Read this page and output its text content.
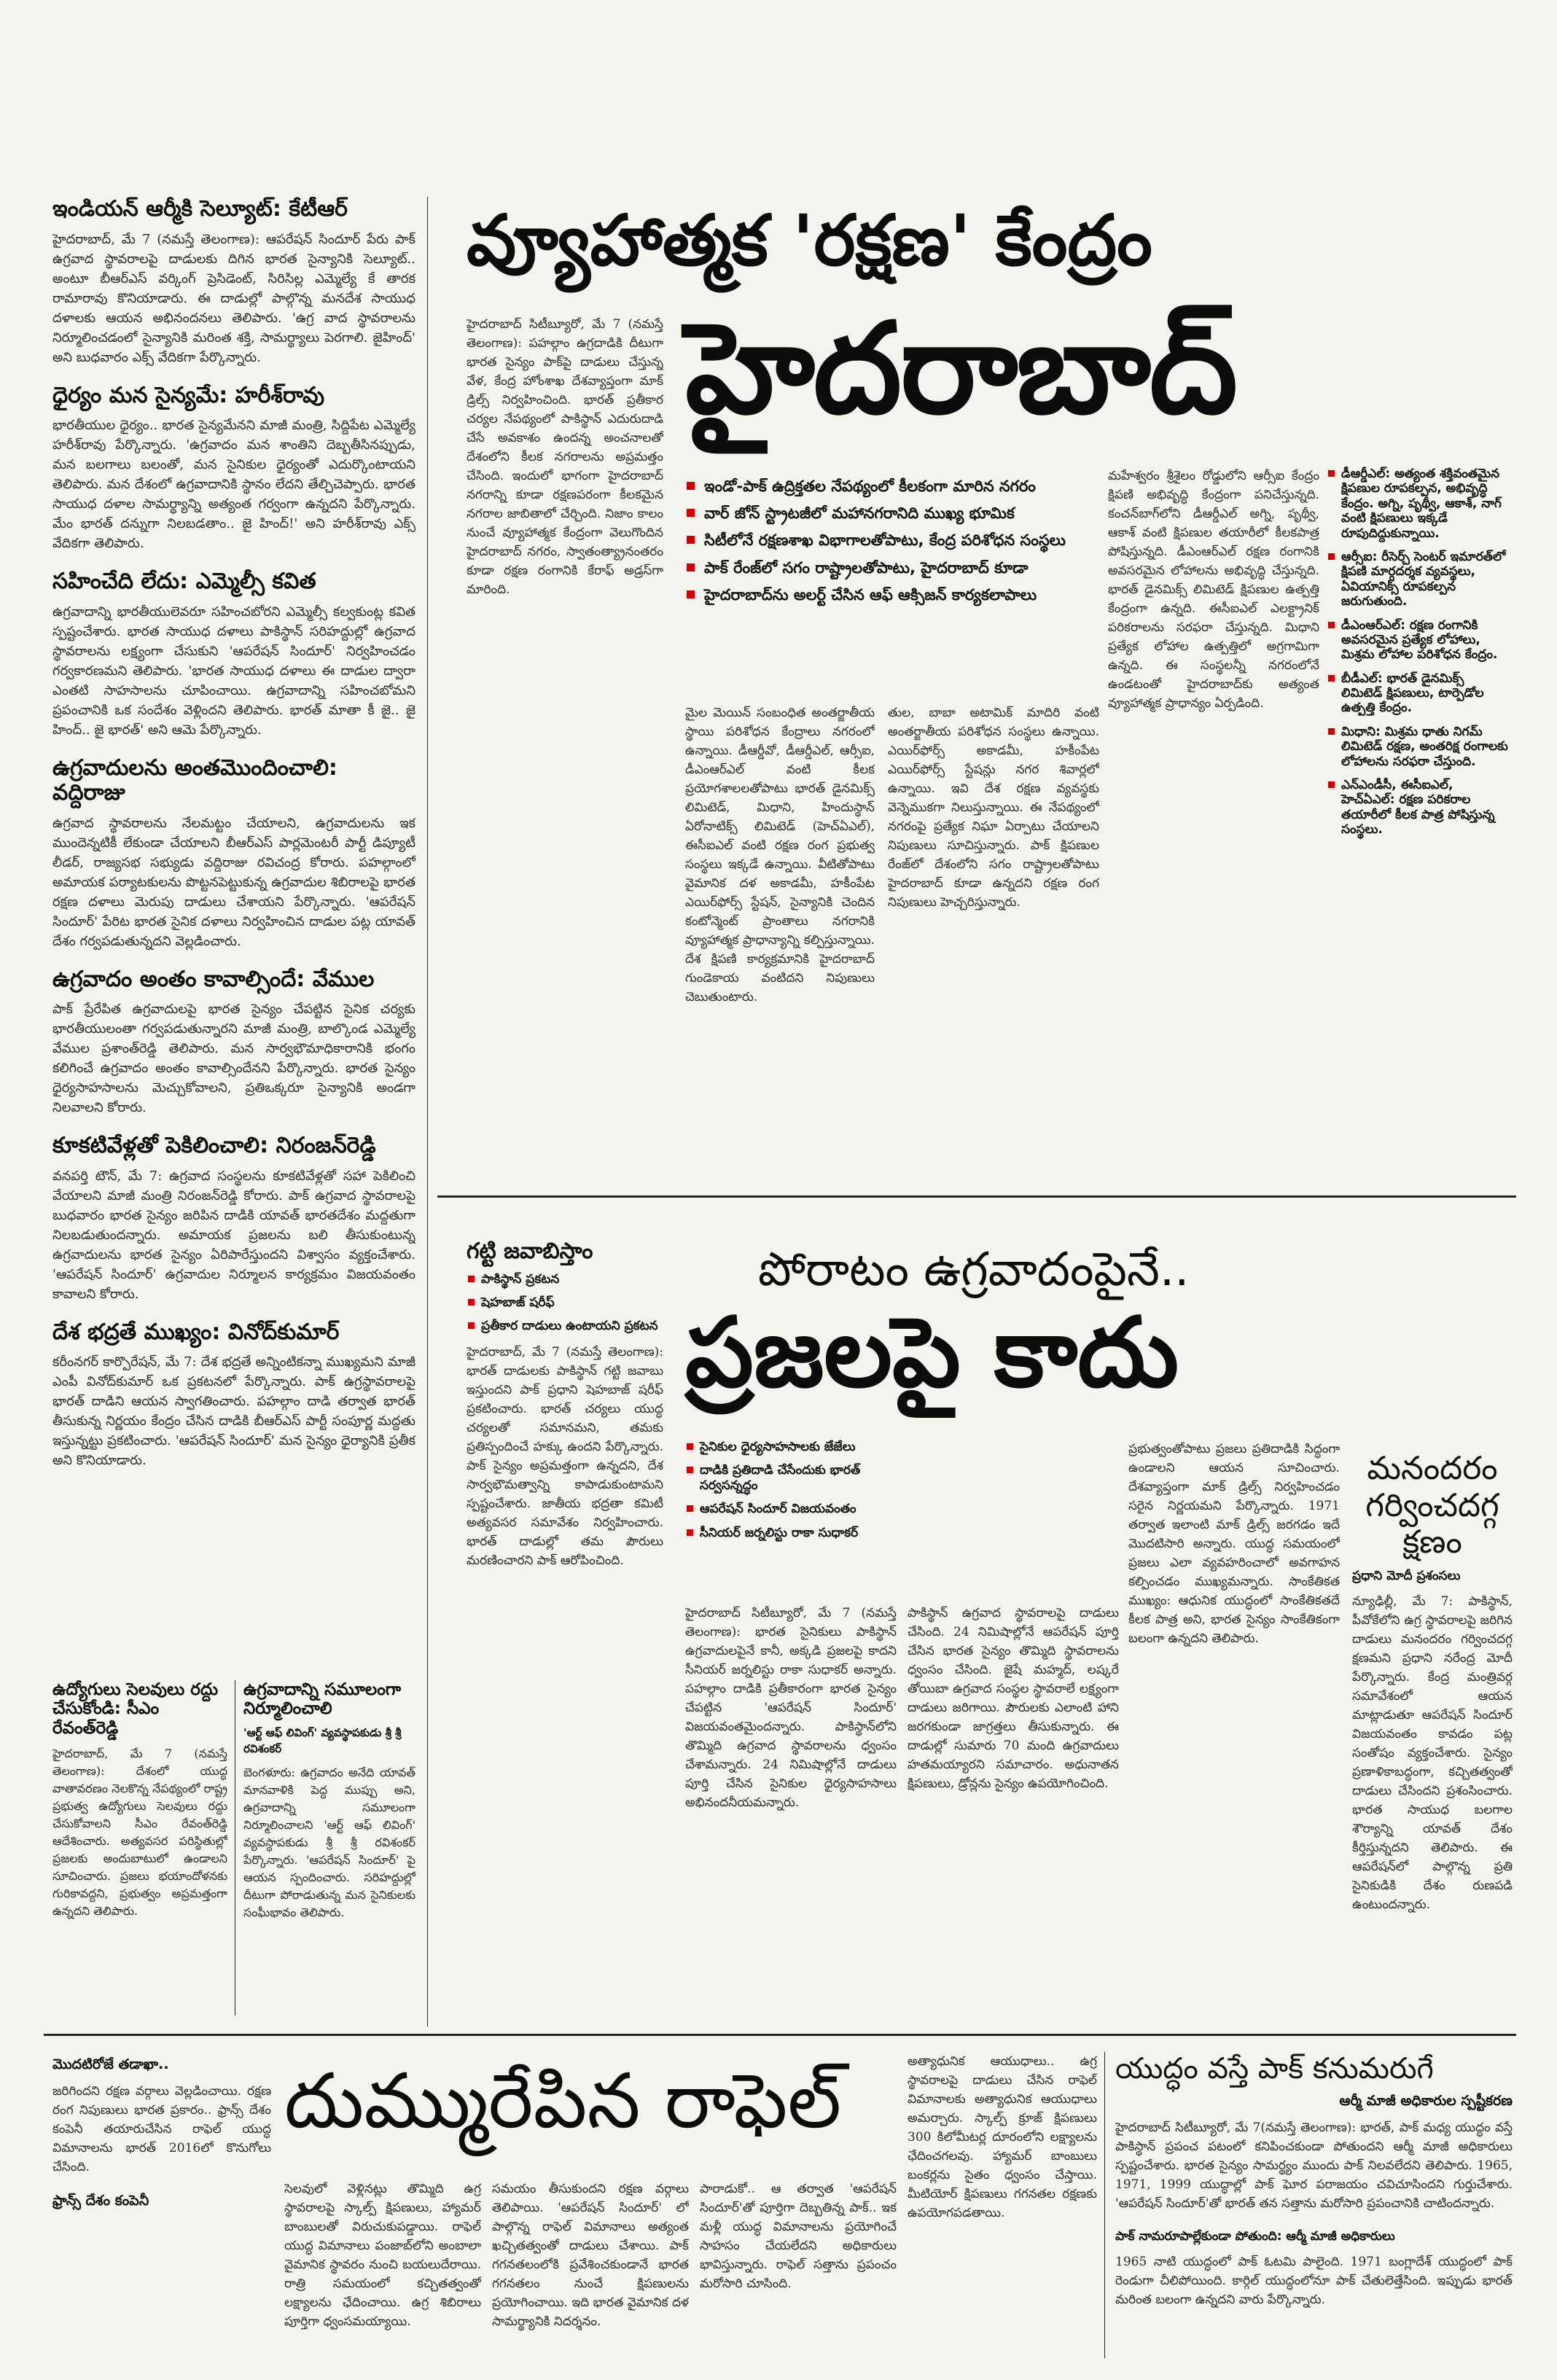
ఇండియన్ ఆర్మీకి సెల్యూట్: కేటీఆర్

హైదరాబాద్, మే 7 (నమస్తే తెలంగాణ): ఆపరేషన్ సిందూర్ పేరు పాక్ ఉగ్రవాద స్థావరాలపై దాడులకు దిగిన భారత సైన్యానికి సెల్యూట్.. అంటూ బీఆర్ఎస్ వర్కింగ్ ప్రెసిడెంట్, సిరిసిల్ల ఎమ్మెల్యే కే తారక రామారావు కొనియాడారు. ఈ దాడుల్లో పాల్గొన్న మనదేశ సాయుధ దళాలకు ఆయన అభినందనలు తెలిపారు. 'ఉగ్ర వాద స్థావరాలను నిర్మూలించడంలో సైన్యానికి మరింత శక్తి, సామర్థ్యాలు పెరగాలి. జైహింద్' అని బుధవారం ఎక్స్ వేదికగా పేర్కొన్నారు.

ధైర్యం మన సైన్యమే: హరీశ్‌రావు

భారతీయుల ధైర్యం.. భారత సైన్యమేనని మాజీ మంత్రి, సిద్దిపేట ఎమ్మెల్యే హరీశ్‌రావు పేర్కొన్నారు. 'ఉగ్రవాదం మన శాంతిని దెబ్బతీసినప్పుడు, మన బలగాలు బలంతో, మన సైనికుల ధైర్యంతో ఎదుర్కొంటాయని తెలిపారు. మన దేశంలో ఉగ్రవాదానికి స్థానం లేదని తేల్చిచెప్పారు. భారత సాయుధ దళాల సామర్థ్యాన్ని అత్యంత గర్వంగా ఉన్నదని పేర్కొన్నారు. మేం భారత్ దన్నుగా నిలబడతాం.. జై హింద్!' అని హరీశ్‌రావు ఎక్స్ వేదికగా తెలిపారు.

సహించేది లేదు: ఎమ్మెల్సీ కవిత

ఉగ్రవాదాన్ని భారతీయులెవరూ సహించబోరని ఎమ్మెల్సీ కల్వకుంట్ల కవిత స్పష్టంచేశారు. భారత సాయుధ దళాలు పాకిస్థాన్ సరిహద్దుల్లో ఉగ్రవాద స్థావరాలను లక్ష్యంగా చేసుకుని 'ఆపరేషన్ సిందూర్' నిర్వహించడం గర్వకారణమని తెలిపారు. 'భారత సాయుధ దళాలు ఈ దాడుల ద్వారా ఎంతటి సాహసాలను చూపించాయి. ఉగ్రవాదాన్ని సహించబోమని ప్రపంచానికి ఒక సందేశం వెళ్లిందని తెలిపారు. భారత్ మాతా కీ జై.. జై హింద్.. జై భారత్' అని ఆమె పేర్కొన్నారు.

ఉగ్రవాదులను అంతమొందించాలి: వద్దిరాజు

ఉగ్రవాద స్థావరాలను నేలమట్టం చేయాలని, ఉగ్రవాదులను ఇక ముందెన్నటికీ లేకుండా చేయాలని బీఆర్ఎస్ పార్లమెంటరీ పార్టీ డిప్యూటీ లీడర్, రాజ్యసభ సభ్యుడు వద్దిరాజు రవిచంద్ర కోరారు. పహల్గాంలో అమాయక పర్యాటకులను పొట్టనపెట్టుకున్న ఉగ్రవాదుల శిబిరాలపై భారత రక్షణ దళాలు మెరుపు దాడులు చేశాయని పేర్కొన్నారు. 'ఆపరేషన్ సిందూర్' పేరిట భారత సైనిక దళాలు నిర్వహించిన దాడుల పట్ల యావత్ దేశం గర్వపడుతున్నదని వెల్లడించారు.

ఉగ్రవాదం అంతం కావాల్సిందే: వేముల

పాక్ ప్రేరేపిత ఉగ్రవాదులపై భారత సైన్యం చేపట్టిన సైనిక చర్యకు భారతీయులంతా గర్వపడుతున్నారని మాజీ మంత్రి, బాల్కొండ ఎమ్మెల్యే వేముల ప్రశాంత్‌రెడ్డి తెలిపారు. మన సార్వభౌమాధికారానికి భంగం కలిగించే ఉగ్రవాదం అంతం కావాల్సిందేనని పేర్కొన్నారు. భారత సైన్యం ధైర్యసాహసాలను మెచ్చుకోవాలని, ప్రతిఒక్కరూ సైన్యానికి అండగా నిలవాలని కోరారు.

కూకటివేళ్లతో పెకిలించాలి: నిరంజన్‌రెడ్డి

వనపర్తి టౌన్, మే 7: ఉగ్రవాద సంస్థలను కూకటివేళ్లతో సహా పెకిలించి వేయాలని మాజీ మంత్రి నిరంజన్‌రెడ్డి కోరారు. పాక్ ఉగ్రవాద స్థావరాలపై బుధవారం భారత సైన్యం జరిపిన దాడికి యావత్ భారతదేశం మద్దతుగా నిలబడుతుందన్నారు. అమాయక ప్రజలను బలి తీసుకుంటున్న ఉగ్రవాదులను భారత సైన్యం ఏరిపారేస్తుందని విశ్వాసం వ్యక్తంచేశారు. 'ఆపరేషన్ సిందూర్' ఉగ్రవాదుల నిర్మూలన కార్యక్రమం విజయవంతం కావాలని కోరారు.

దేశ భద్రతే ముఖ్యం: వినోద్‌కుమార్

కరీంనగర్ కార్పొరేషన్, మే 7: దేశ భద్రతే అన్నింటికన్నా ముఖ్యమని మాజీ ఎంపీ వినోద్‌కుమార్ ఒక ప్రకటనలో పేర్కొన్నారు. పాక్ ఉగ్రస్థావరాలపై భారత్ దాడిని ఆయన స్వాగతించారు. పహల్గాం దాడి తర్వాత భారత్ తీసుకున్న నిర్ణయం కేంద్రం చేసిన దాడికి బీఆర్ఎస్ పార్టీ సంపూర్ణ మద్దతు ఇస్తున్నట్టు ప్రకటించారు. 'ఆపరేషన్ సిందూర్' మన సైన్యం ధైర్యానికి ప్రతీక అని కొనియాడారు.

ఉద్యోగులు సెలవులు రద్దు చేసుకోండి: సీఎం రేవంత్‌రెడ్డి

హైదరాబాద్, మే 7 (నమస్తే తెలంగాణ): దేశంలో యుద్ధ వాతావరణం నెలకొన్న నేపథ్యంలో రాష్ట్ర ప్రభుత్వ ఉద్యోగులు సెలవులు రద్దు చేసుకోవాలని సీఎం రేవంత్‌రెడ్డి ఆదేశించారు. అత్యవసర పరిస్థితుల్లో ప్రజలకు అందుబాటులో ఉండాలని సూచించారు. ప్రజలు భయాందోళనకు గురికావద్దని, ప్రభుత్వం అప్రమత్తంగా ఉన్నదని తెలిపారు.

ఉగ్రవాదాన్ని సమూలంగా నిర్మూలించాలి
'ఆర్ట్ ఆఫ్ లివింగ్' వ్యవస్థాపకుడు శ్రీ శ్రీ రవిశంకర్

బెంగళూరు: ఉగ్రవాదం అనేది యావత్ మానవాళికి పెద్ద ముప్పు అని, ఉగ్రవాదాన్ని సమూలంగా నిర్మూలించాలని 'ఆర్ట్ ఆఫ్ లివింగ్' వ్యవస్థాపకుడు శ్రీ శ్రీ రవిశంకర్ పేర్కొన్నారు. 'ఆపరేషన్ సిందూర్' పై ఆయన స్పందించారు. సరిహద్దుల్లో దీటుగా పోరాడుతున్న మన సైనికులకు సంఘీభావం తెలిపారు.

వ్యూహాత్మక 'రక్షణ' కేంద్రం
హైదరాబాద్

హైదరాబాద్ సిటీబ్యూరో, మే 7 (నమస్తే తెలంగాణ): పహల్గాం ఉగ్రదాడికి దీటుగా భారత సైన్యం పాక్‌పై దాడులు చేస్తున్న వేళ, కేంద్ర హోంశాఖ దేశవ్యాప్తంగా మాక్ డ్రిల్స్ నిర్వహించింది. భారత్ ప్రతీకార చర్యల నేపథ్యంలో పాకిస్థాన్ ఎదురుదాడి చేసే అవకాశం ఉందన్న అంచనాలతో దేశంలోని కీలక నగరాలను అప్రమత్తం చేసింది. ఇందులో భాగంగా హైదరాబాద్ నగరాన్ని కూడా రక్షణపరంగా కీలకమైన నగరాల జాబితాలో చేర్చింది. నిజాం కాలం నుంచే వ్యూహాత్మక కేంద్రంగా వెలుగొందిన హైదరాబాద్ నగరం, స్వాతంత్య్రానంతరం కూడా రక్షణ రంగానికి కేరాఫ్ అడ్రస్‌గా మారింది.

ఇండో-పాక్ ఉద్రిక్తతల నేపథ్యంలో కీలకంగా మారిన నగరం
వార్ జోన్ స్ట్రాటజీలో మహానగరానిది ముఖ్య భూమిక
సిటీలోనే రక్షణశాఖ విభాగాలతోపాటు, కేంద్ర పరిశోధన సంస్థలు
పాక్ రేంజ్‌లో సగం రాష్ట్రాలతోపాటు, హైదరాబాద్ కూడా
హైదరాబాద్‌ను అలర్ట్ చేసిన ఆఫ్ ఆక్సిజన్ కార్యకలాపాలు

మైల మెయిన్ సంబంధిత అంతర్జాతీయ స్థాయి పరిశోధన కేంద్రాలు నగరంలో ఉన్నాయి. డీఆర్డీవో, డీఆర్డీఎల్, ఆర్సీఐ, డీఎంఆర్ఎల్ వంటి కీలక ప్రయోగశాలలతోపాటు భారత్ డైనమిక్స్ లిమిటెడ్, మిధాని, హిందుస్థాన్ ఏరోనాటిక్స్ లిమిటెడ్ (హెచ్ఏఎల్), ఈసీఐఎల్ వంటి రక్షణ రంగ ప్రభుత్వ సంస్థలు ఇక్కడే ఉన్నాయి. వీటితోపాటు వైమానిక దళ అకాడమీ, హకీంపేట ఎయిర్‌ఫోర్స్ స్టేషన్, సైన్యానికి చెందిన కంటోన్మెంట్ ప్రాంతాలు నగరానికి వ్యూహాత్మక ప్రాధాన్యాన్ని కల్పిస్తున్నాయి. దేశ క్షిపణి కార్యక్రమానికి హైదరాబాద్ గుండెకాయ వంటిదని నిపుణులు చెబుతుంటారు.

తుల, బాబా అటామిక్ మాదిరి వంటి అంతర్జాతీయ పరిశోధన సంస్థలు ఉన్నాయి. ఎయిర్‌ఫోర్స్ అకాడమీ, హకీంపేట ఎయిర్‌ఫోర్స్ స్టేషన్లు నగర శివార్లలో ఉన్నాయి. ఇవి దేశ రక్షణ వ్యవస్థకు వెన్నెముకగా నిలుస్తున్నాయి. ఈ నేపథ్యంలో నగరంపై ప్రత్యేక నిఘా ఏర్పాటు చేయాలని నిపుణులు సూచిస్తున్నారు. పాక్ క్షిపణుల రేంజ్‌లో దేశంలోని సగం రాష్ట్రాలతోపాటు హైదరాబాద్ కూడా ఉన్నదని రక్షణ రంగ నిపుణులు హెచ్చరిస్తున్నారు.

మహేశ్వరం శ్రీశైలం రోడ్డులోని ఆర్సీఐ కేంద్రం క్షిపణి అభివృద్ధి కేంద్రంగా పనిచేస్తున్నది. కంచన్‌బాగ్‌లోని డీఆర్డీఎల్ అగ్ని, పృథ్వీ, ఆకాశ్ వంటి క్షిపణుల తయారీలో కీలకపాత్ర పోషిస్తున్నది. డీఎంఆర్ఎల్ రక్షణ రంగానికి అవసరమైన లోహాలను అభివృద్ధి చేస్తున్నది. భారత్ డైనమిక్స్ లిమిటెడ్ క్షిపణుల ఉత్పత్తి కేంద్రంగా ఉన్నది. ఈసీఐఎల్ ఎలక్ట్రానిక్ పరికరాలను సరఫరా చేస్తున్నది. మిధాని ప్రత్యేక లోహాల ఉత్పత్తిలో అగ్రగామిగా ఉన్నది. ఈ సంస్థలన్నీ నగరంలోనే ఉండటంతో హైదరాబాద్‌కు అత్యంత వ్యూహాత్మక ప్రాధాన్యం ఏర్పడింది.

డీఆర్డీఎల్: అత్యంత శక్తివంతమైన క్షిపణుల రూపకల్పన, అభివృద్ధి కేంద్రం. అగ్ని, పృథ్వీ, ఆకాశ్, నాగ్ వంటి క్షిపణులు ఇక్కడే రూపుదిద్దుకున్నాయి.
ఆర్సీఐ: రీసెర్చ్ సెంటర్ ఇమారత్‌లో క్షిపణి మార్గదర్శక వ్యవస్థలు, ఏవియానిక్స్ రూపకల్పన జరుగుతుంది.
డీఎంఆర్ఎల్: రక్షణ రంగానికి అవసరమైన ప్రత్యేక లోహాలు, మిశ్రమ లోహాల పరిశోధన కేంద్రం.
బీడీఎల్: భారత్ డైనమిక్స్ లిమిటెడ్ క్షిపణులు, టార్పెడోల ఉత్పత్తి కేంద్రం.
మిధాని: మిశ్రమ ధాతు నిగమ్ లిమిటెడ్ రక్షణ, అంతరిక్ష రంగాలకు లోహాలను సరఫరా చేస్తుంది.
ఎన్ఎండీసీ, ఈసీఐఎల్, హెచ్ఏఎల్: రక్షణ పరికరాల తయారీలో కీలక పాత్ర పోషిస్తున్న సంస్థలు.
గట్టి జవాబిస్తాం
పాకిస్థాన్ ప్రకటన
షెహబాజ్ షరీఫ్
ప్రతీకార దాడులు ఉంటాయని ప్రకటన

హైదరాబాద్, మే 7 (నమస్తే తెలంగాణ): భారత్ దాడులకు పాకిస్థాన్ గట్టి జవాబు ఇస్తుందని పాక్ ప్రధాని షెహబాజ్ షరీఫ్ ప్రకటించారు. భారత్ చర్యలు యుద్ధ చర్యలతో సమానమని, తమకు ప్రతిస్పందించే హక్కు ఉందని పేర్కొన్నారు. పాక్ సైన్యం అప్రమత్తంగా ఉన్నదని, దేశ సార్వభౌమత్వాన్ని కాపాడుకుంటామని స్పష్టంచేశారు. జాతీయ భద్రతా కమిటీ అత్యవసర సమావేశం నిర్వహించారు. భారత్ దాడుల్లో తమ పౌరులు మరణించారని పాక్ ఆరోపించింది.

పోరాటం ఉగ్రవాదంపైనే..
ప్రజలపై కాదు
సైనికుల ధైర్యసాహసాలకు జేజేలు
దాడికి ప్రతిదాడి చేసేందుకు భారత్ సర్వసన్నద్ధం
ఆపరేషన్ సిందూర్ విజయవంతం
సీనియర్ జర్నలిస్టు రాకా సుధాకర్

హైదరాబాద్ సిటీబ్యూరో, మే 7 (నమస్తే తెలంగాణ): భారత సైనికులు పాకిస్థాన్ ఉగ్రవాదులపైనే కానీ, అక్కడి ప్రజలపై కాదని సీనియర్ జర్నలిస్టు రాకా సుధాకర్ అన్నారు. పహల్గాం దాడికి ప్రతీకారంగా భారత సైన్యం చేపట్టిన 'ఆపరేషన్ సిందూర్' విజయవంతమైందన్నారు. పాకిస్థాన్‌లోని తొమ్మిది ఉగ్రవాద స్థావరాలను ధ్వంసం చేశామన్నారు. 24 నిమిషాల్లోనే దాడులు పూర్తి చేసిన సైనికుల ధైర్యసాహసాలు అభినందనీయమన్నారు.

పాకిస్థాన్ ఉగ్రవాద స్థావరాలపై దాడులు చేసింది. 24 నిమిషాల్లోనే ఆపరేషన్ పూర్తి చేసిన భారత సైన్యం తొమ్మిది స్థావరాలను ధ్వంసం చేసింది. జైషే మహ్మద్, లష్కరే తోయిబా ఉగ్రవాద సంస్థల స్థావరాలే లక్ష్యంగా దాడులు జరిగాయి. పౌరులకు ఎలాంటి హాని జరగకుండా జాగ్రత్తలు తీసుకున్నారు. ఈ దాడుల్లో సుమారు 70 మంది ఉగ్రవాదులు హతమయ్యారని సమాచారం. అధునాతన క్షిపణులు, డ్రోన్లను సైన్యం ఉపయోగించింది.

ప్రభుత్వంతోపాటు ప్రజలు ప్రతిదాడికి సిద్ధంగా ఉండాలని ఆయన సూచించారు. దేశవ్యాప్తంగా మాక్ డ్రిల్స్ నిర్వహించడం సరైన నిర్ణయమని పేర్కొన్నారు. 1971 తర్వాత ఇలాంటి మాక్ డ్రిల్స్ జరగడం ఇదే మొదటిసారి అన్నారు. యుద్ధ సమయంలో ప్రజలు ఎలా వ్యవహరించాలో అవగాహన కల్పించడం ముఖ్యమన్నారు. సాంకేతికత ముఖ్యం: ఆధునిక యుద్ధంలో సాంకేతికతదే కీలక పాత్ర అని, భారత సైన్యం సాంకేతికంగా బలంగా ఉన్నదని తెలిపారు.

మనందరం గర్వించదగ్గ క్షణం
ప్రధాని మోదీ ప్రశంసలు

న్యూఢిల్లీ, మే 7: పాకిస్థాన్, పీవోకేలోని ఉగ్ర స్థావరాలపై జరిగిన దాడులు మనందరం గర్వించదగ్గ క్షణమని ప్రధాని నరేంద్ర మోదీ పేర్కొన్నారు. కేంద్ర మంత్రివర్గ సమావేశంలో ఆయన మాట్లాడుతూ ఆపరేషన్ సిందూర్ విజయవంతం కావడం పట్ల సంతోషం వ్యక్తంచేశారు. సైన్యం ప్రణాళికాబద్ధంగా, కచ్చితత్వంతో దాడులు చేసిందని ప్రశంసించారు. భారత సాయుధ బలగాల శౌర్యాన్ని యావత్ దేశం కీర్తిస్తున్నదని తెలిపారు. ఈ ఆపరేషన్‌లో పాల్గొన్న ప్రతి సైనికుడికి దేశం రుణపడి ఉంటుందన్నారు.

మొదటిరోజే తడాఖా..

జరిగిందని రక్షణ వర్గాలు వెల్లడించాయి. రక్షణ రంగ నిపుణులు భారత ప్రకారం.. ఫ్రాన్స్ దేశం కంపెనీ తయారుచేసిన రాఫెల్ యుద్ధ విమానాలను భారత్ 2016లో కొనుగోలు చేసింది.

ఫ్రాన్స్ దేశం కంపెనీ
దుమ్మురేపిన రాఫెల్

సెలవులో వెళ్లినట్లు తొమ్మిది ఉగ్ర స్థావరాలపై స్కాల్ప్ క్షిపణులు, హ్యామర్ బాంబులతో విరుచుకుపడ్డాయి. రాఫెల్ యుద్ధ విమానాలు పంజాబ్‌లోని అంబాలా వైమానిక స్థావరం నుంచి బయలుదేరాయి. రాత్రి సమయంలో కచ్చితత్వంతో లక్ష్యాలను ఛేదించాయి. ఉగ్ర శిబిరాలు పూర్తిగా ధ్వంసమయ్యాయి.

సమయం తీసుకుందని రక్షణ వర్గాలు తెలిపాయి. 'ఆపరేషన్ సిందూర్' లో పాల్గొన్న రాఫెల్ విమానాలు అత్యంత ఖచ్చితత్వంతో దాడులు చేశాయి. పాక్ గగనతలంలోకి ప్రవేశించకుండానే భారత గగనతలం నుంచే క్షిపణులను ప్రయోగించాయి. ఇది భారత వైమానిక దళ సామర్థ్యానికి నిదర్శనం.

పారాడుకో.. ఆ తర్వాత 'ఆపరేషన్ సిందూర్'తో పూర్తిగా దెబ్బతిన్న పాక్.. ఇక మళ్లీ యుద్ధ విమానాలను ప్రయోగించే సాహసం చేయలేదని అధికారులు భావిస్తున్నారు. రాఫెల్ సత్తాను ప్రపంచం మరోసారి చూసింది.

అత్యాధునిక ఆయుధాలు.. ఉగ్ర స్థావరాలపై దాడులు చేసిన రాఫెల్ విమానాలకు అత్యాధునిక ఆయుధాలు అమర్చారు. స్కాల్ప్ క్రూజ్ క్షిపణులు 300 కిలోమీటర్ల దూరంలోని లక్ష్యాలను ఛేదించగలవు. హ్యామర్ బాంబులు బంకర్లను సైతం ధ్వంసం చేస్తాయి. మీటియోర్ క్షిపణులు గగనతల రక్షణకు ఉపయోగపడతాయి.

యుద్ధం వస్తే పాక్ కనుమరుగే
ఆర్మీ మాజీ అధికారుల స్పష్టీకరణ

హైదరాబాద్ సిటీబ్యూరో, మే 7(నమస్తే తెలంగాణ): భారత్, పాక్ మధ్య యుద్ధం వస్తే పాకిస్థాన్ ప్రపంచ పటంలో కనిపించకుండా పోతుందని ఆర్మీ మాజీ అధికారులు స్పష్టంచేశారు. భారత సైన్యం సామర్థ్యం ముందు పాక్ నిలవలేదని తెలిపారు. 1965, 1971, 1999 యుద్ధాల్లో పాక్ ఘోర పరాజయం చవిచూసిందని గుర్తుచేశారు. 'ఆపరేషన్ సిందూర్'తో భారత్ తన సత్తాను మరోసారి ప్రపంచానికి చాటిందన్నారు.

పాక్ నామరూపాల్లేకుండా పోతుంది: ఆర్మీ మాజీ అధికారులు

1965 నాటి యుద్ధంలో పాక్ ఓటమి పాలైంది. 1971 బంగ్లాదేశ్ యుద్ధంలో పాక్ రెండుగా చీలిపోయింది. కార్గిల్ యుద్ధంలోనూ పాక్ చేతులెత్తేసింది. ఇప్పుడు భారత్ మరింత బలంగా ఉన్నదని వారు పేర్కొన్నారు.
